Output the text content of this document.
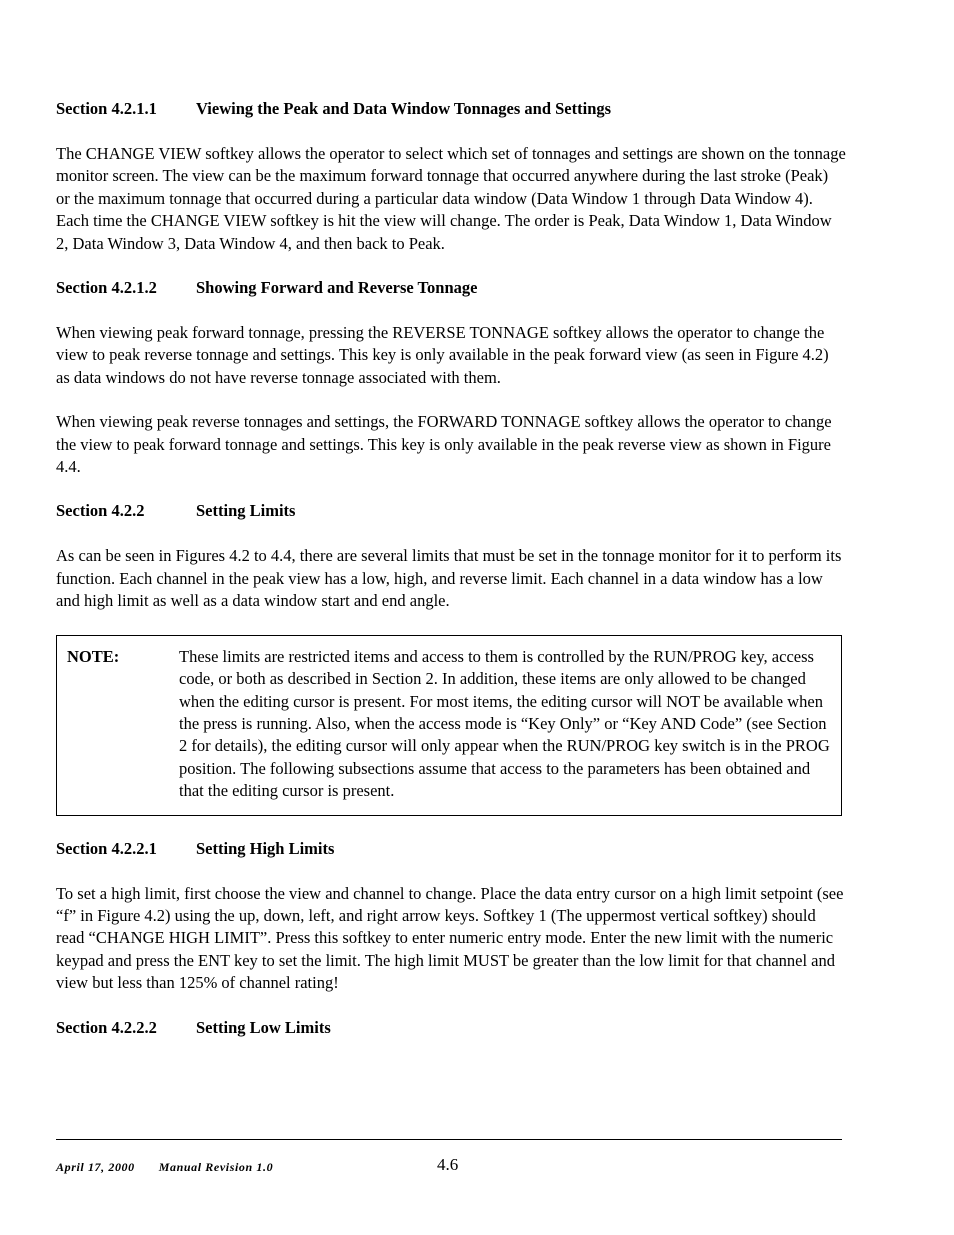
Section 4.2.1.1	Viewing the Peak and Data Window Tonnages and Settings

The CHANGE VIEW softkey allows the operator to select which set of tonnages and settings are shown on the tonnage monitor screen. The view can be the maximum forward tonnage that occurred anywhere during the last stroke (Peak) or the maximum tonnage that occurred during a particular data window (Data Window 1 through Data Window 4). Each time the CHANGE VIEW softkey is hit the view will change. The order is Peak, Data Window 1, Data Window 2, Data Window 3, Data Window 4, and then back to Peak.

Section 4.2.1.2	Showing Forward and Reverse Tonnage

When viewing peak forward tonnage, pressing the REVERSE TONNAGE softkey allows the operator to change the view to peak reverse tonnage and settings. This key is only available in the peak forward view (as seen in Figure 4.2) as data windows do not have reverse tonnage associated with them.

When viewing peak reverse tonnages and settings, the FORWARD TONNAGE softkey allows the operator to change the view to peak forward tonnage and settings. This key is only available in the peak reverse view as shown in Figure 4.4.

Section 4.2.2	Setting Limits

As can be seen in Figures 4.2 to 4.4, there are several limits that must be set in the tonnage monitor for it to perform its function. Each channel in the peak view has a low, high, and reverse limit. Each channel in a data window has a low and high limit as well as a data window start and end angle.

NOTE:	These limits are restricted items and access to them is controlled by the RUN/PROG key, access code, or both as described in Section 2. In addition, these items are only allowed to be changed when the editing cursor is present. For most items, the editing cursor will NOT be available when the press is running. Also, when the access mode is “Key Only” or “Key AND Code” (see Section 2 for details), the editing cursor will only appear when the RUN/PROG key switch is in the PROG position. The following subsections assume that access to the parameters has been obtained and that the editing cursor is present.
Section 4.2.2.1	Setting High Limits

To set a high limit, first choose the view and channel to change. Place the data entry cursor on a high limit setpoint (see “f” in Figure 4.2) using the up, down, left, and right arrow keys. Softkey 1 (The uppermost vertical softkey) should read “CHANGE HIGH LIMIT”. Press this softkey to enter numeric entry mode. Enter the new limit with the numeric keypad and press the ENT key to set the limit. The high limit MUST be greater than the low limit for that channel and view but less than 125% of channel rating!

Section 4.2.2.2	Setting Low Limits
April 17, 2000 Manual Revision 1.0	4.6
